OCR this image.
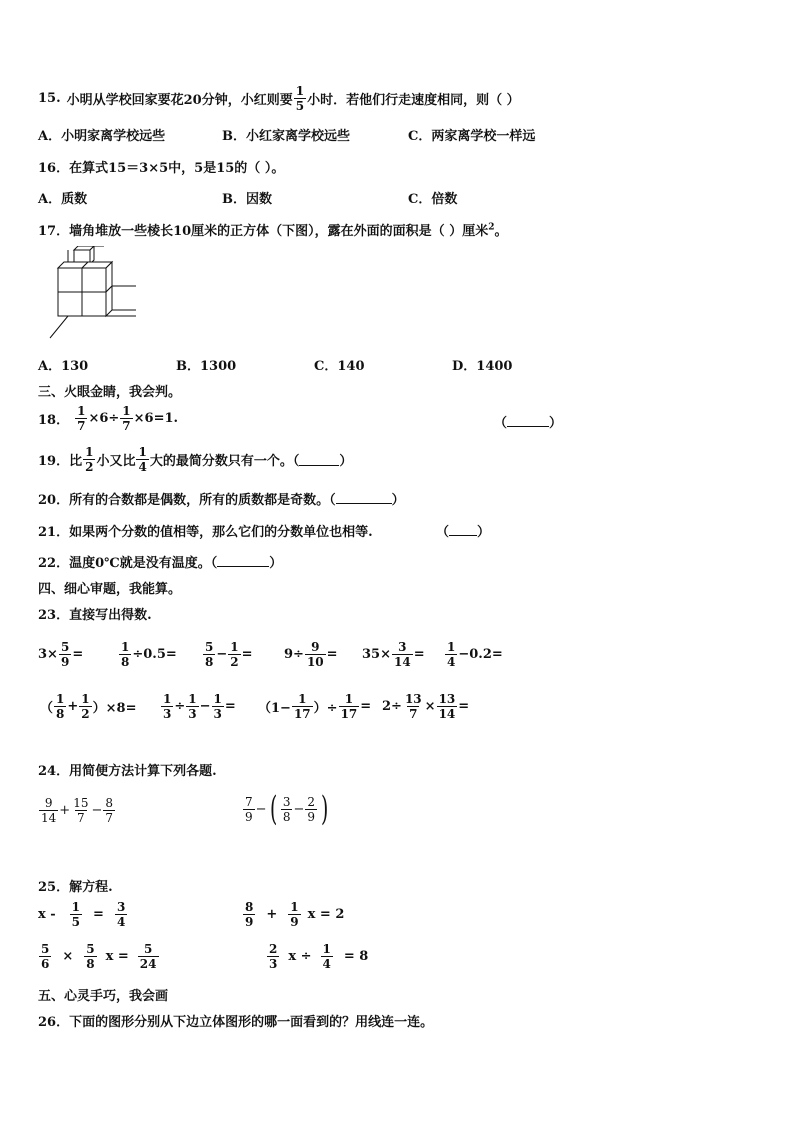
15. 小明从学校回家要花20分钟，小红则要 $\frac{1}{5}$ 小时．若他们行走速度相同，则（ ）
A．小明家离学校远些	B．小红家离学校远些	C．两家离学校一样远
16．在算式15＝3×5中，5是15的（ ）。
A．质数	B．因数	C．倍数
17．墙角堆放一些棱长10厘米的正方体（下图），露在外面的面积是（ ）厘米$^2$。
A．130	B．1300	C．140	D．1400
三、火眼金睛，我会判。
18． $\frac{1}{7} \times 6\div \frac{1}{7} \times 6=1$.	（	）
19．比 $\frac{1}{2}$ 小又比 $\frac{1}{4}$ 大的最简分数只有一个。（	）
20．所有的合数都是偶数，所有的质数都是奇数。（	）
21．如果两个分数的值相等，那么它们的分数单位也相等.	（ ）
22．温度0℃就是没有温度。（	）
四、细心审题，我能算。
23．直接写出得数.
$3\times \frac{5}{9}$ =	$\frac{1}{8} \div 0.5= \frac{5}{8} - \frac{1}{2} = 9\div \frac{9}{10} = 35\times \frac{3}{14} = \frac{1}{4} -0.2=$
（ $\frac{1}{8} + \frac{1}{2} )\times 8= \frac{1}{3} \div \frac{1}{3} - \frac{1}{3} = (1- \frac{1}{17}$ ）÷ $\frac{1}{17} = 2\div \frac{13}{7} \times \frac{13}{14}$ =
24．用简便方法计算下列各题.
$\frac{9}{14} + \frac{15}{7} - \frac{8}{7}$	$\frac{7}{9}$ − ( $\frac{3}{8} - \frac{2}{9}$ )
25．解方程.
$x - \frac{1}{5} = \frac{3}{4}$	$\frac{8}{9} + \frac{1}{9}$ x = 2
$\frac{5}{6} \times \frac{5}{8}$ $x = \frac{5}{24}$	$\frac{2}{3}$ $x \div \frac{1}{4} = 8$
五、心灵手巧，我会画
26．下面的图形分别从下边立体图形的哪一面看到的？用线连一连。
